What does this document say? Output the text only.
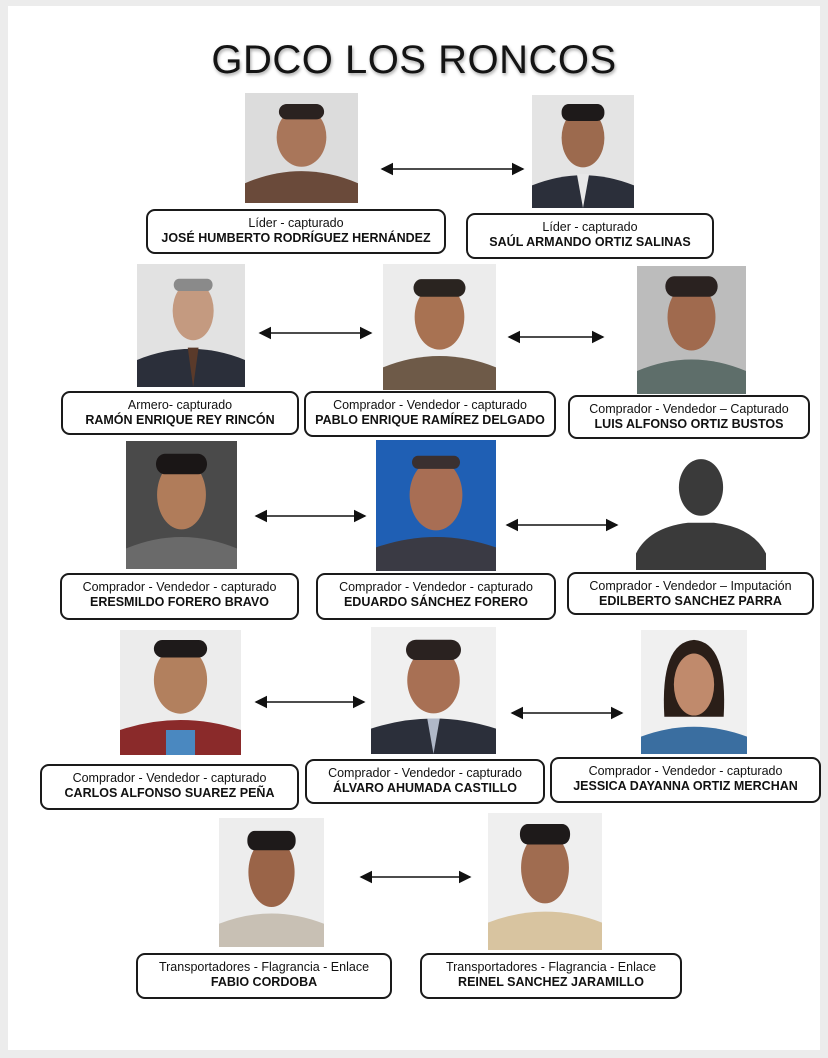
GDCO LOS RONCOS
Líder - capturado
JOSÉ HUMBERTO RODRÍGUEZ HERNÁNDEZ
Líder - capturado
SAÚL ARMANDO ORTIZ SALINAS
Armero- capturado
RAMÓN ENRIQUE REY RINCÓN
Comprador - Vendedor - capturado
PABLO ENRIQUE RAMÍREZ DELGADO
Comprador - Vendedor – Capturado
LUIS ALFONSO ORTIZ BUSTOS
Comprador - Vendedor - capturado
ERESMILDO FORERO BRAVO
Comprador - Vendedor - capturado
EDUARDO SÁNCHEZ FORERO
Comprador - Vendedor – Imputación
EDILBERTO SANCHEZ PARRA
Comprador - Vendedor - capturado
CARLOS ALFONSO SUAREZ PEÑA
Comprador - Vendedor - capturado
ÁLVARO AHUMADA CASTILLO
Comprador - Vendedor - capturado
JESSICA DAYANNA ORTIZ MERCHAN
Transportadores - Flagrancia - Enlace
FABIO CORDOBA
Transportadores - Flagrancia - Enlace
REINEL SANCHEZ JARAMILLO
